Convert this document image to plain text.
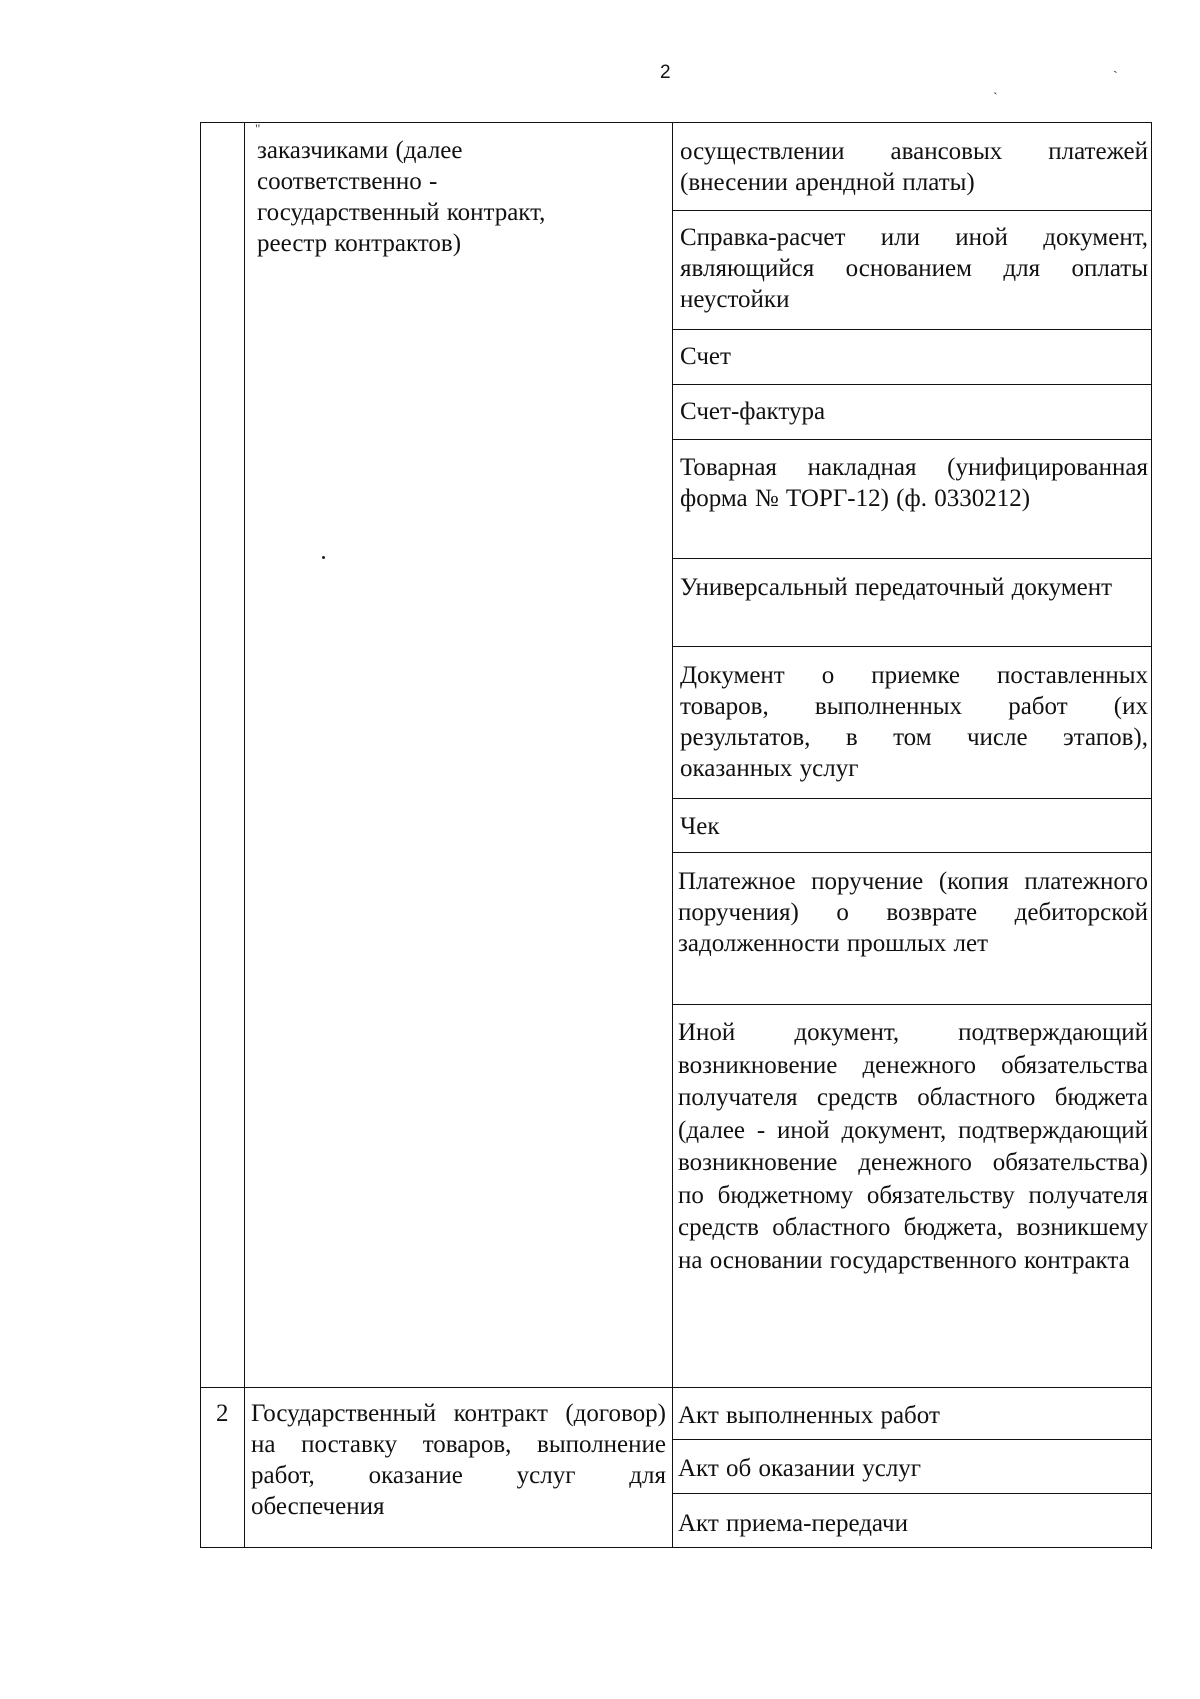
2	ˎ
`
"
заказчиками (далее соответственно - государственный контракт, реестр контрактов)
осуществлении авансовых платежей (внесении арендной платы)
Справка-расчет или иной документ, являющийся основанием для оплаты неустойки
Счет
Счет-фактура
Товарная накладная (унифицированная форма № ТОРГ-12) (ф. 0330212)
Универсальный передаточный документ
Документ о приемке поставленных товаров, выполненных работ (их результатов, в том числе этапов), оказанных услуг
Чек
Платежное поручение (копия платежного поручения) о возврате дебиторской задолженности прошлых лет
Иной документ, подтверждающий возникновение денежного обязательства получателя средств областного бюджета (далее - иной документ, подтверждающий возникновение денежного обязательства) по бюджетному обязательству получателя средств областного бюджета, возникшему на основании государственного контракта
2 Государственный контракт (договор) на поставку товаров, выполнение работ, оказание услуг для обеспечения
Акт выполненных работ
Акт об оказании услуг
Акт приема-передачи
